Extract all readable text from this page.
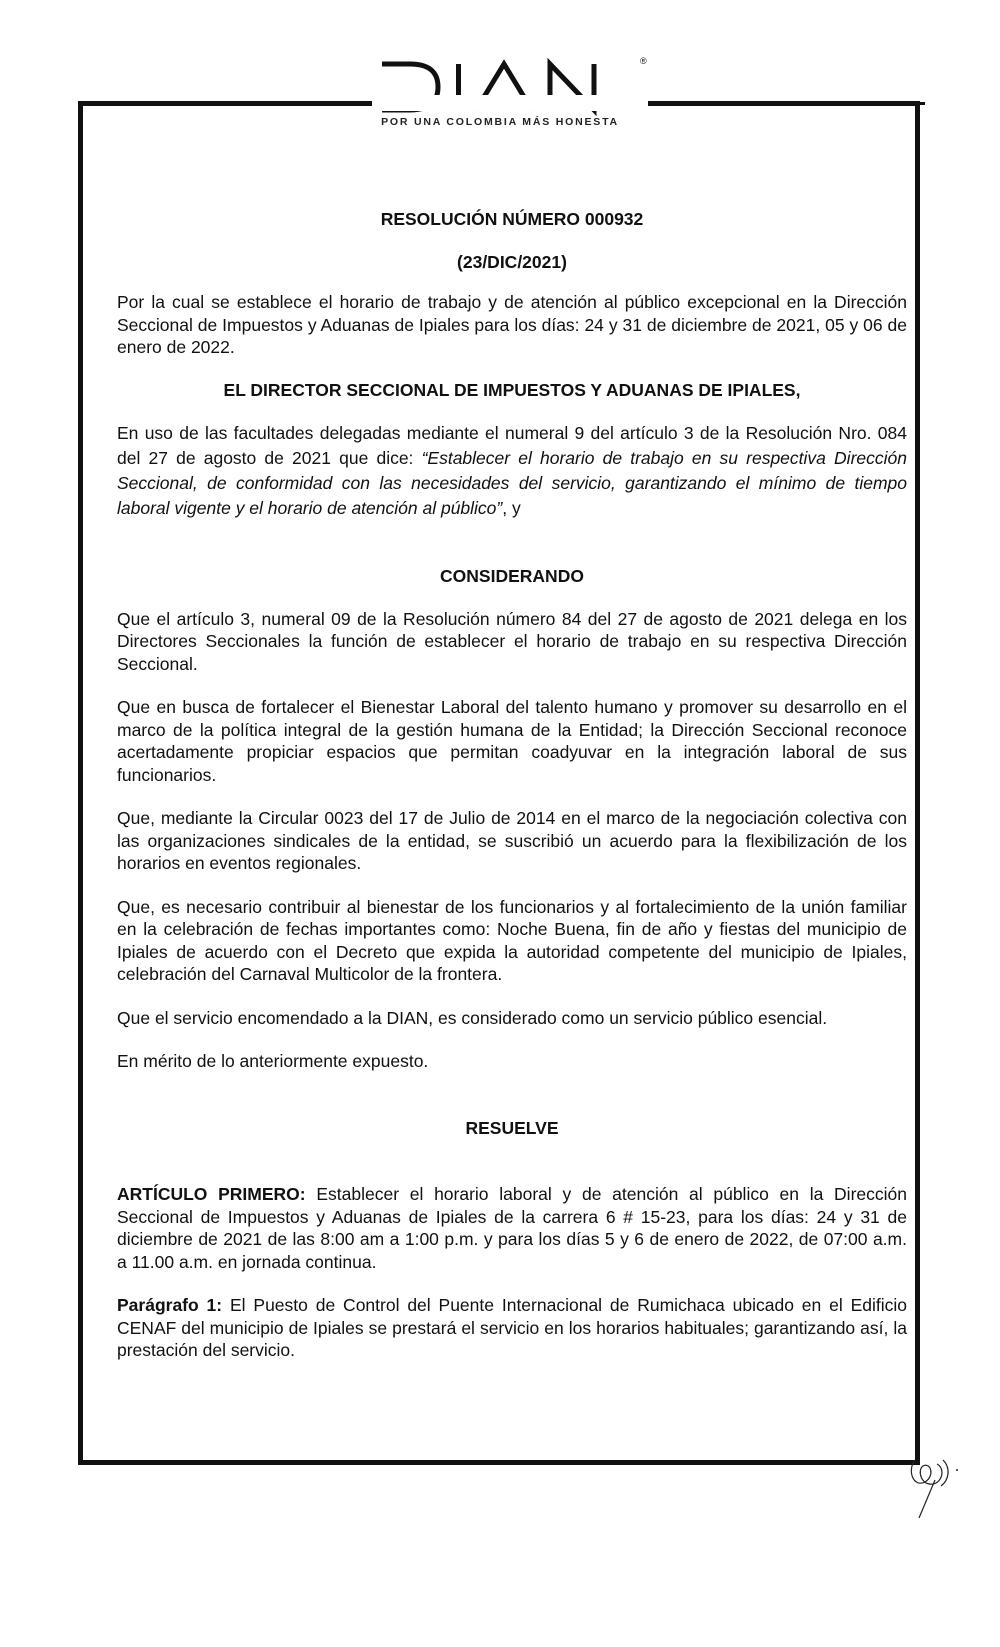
®
POR UNA COLOMBIA MÁS HONESTA

RESOLUCIÓN NÚMERO 000932

(23/DIC/2021)

Por la cual se establece el horario de trabajo y de atención al público excepcional en la Dirección Seccional de Impuestos y Aduanas de Ipiales para los días: 24 y 31 de diciembre de 2021, 05 y 06 de enero de 2022.

EL DIRECTOR SECCIONAL DE IMPUESTOS Y ADUANAS DE IPIALES,

En uso de las facultades delegadas mediante el numeral 9 del artículo 3 de la Resolución Nro. 084 del 27 de agosto de 2021 que dice: “Establecer el horario de trabajo en su respectiva Dirección Seccional, de conformidad con las necesidades del servicio, garantizando el mínimo de tiempo laboral vigente y el horario de atención al público”, y

CONSIDERANDO

Que el artículo 3, numeral 09 de la Resolución número 84 del 27 de agosto de 2021 delega en los Directores Seccionales la función de establecer el horario de trabajo en su respectiva Dirección Seccional.

Que en busca de fortalecer el Bienestar Laboral del talento humano y promover su desarrollo en el marco de la política integral de la gestión humana de la Entidad; la Dirección Seccional reconoce acertadamente propiciar espacios que permitan coadyuvar en la integración laboral de sus funcionarios.

Que, mediante la Circular 0023 del 17 de Julio de 2014 en el marco de la negociación colectiva con las organizaciones sindicales de la entidad, se suscribió un acuerdo para la flexibilización de los horarios en eventos regionales.

Que, es necesario contribuir al bienestar de los funcionarios y al fortalecimiento de la unión familiar en la celebración de fechas importantes como: Noche Buena, fin de año y fiestas del municipio de Ipiales de acuerdo con el Decreto que expida la autoridad competente del municipio de Ipiales, celebración del Carnaval Multicolor de la frontera.

Que el servicio encomendado a la DIAN, es considerado como un servicio público esencial.

En mérito de lo anteriormente expuesto.

RESUELVE

ARTÍCULO PRIMERO: Establecer el horario laboral y de atención al público en la Dirección Seccional de Impuestos y Aduanas de Ipiales de la carrera 6 # 15-23, para los días: 24 y 31 de diciembre de 2021 de las 8:00 am a 1:00 p.m. y para los días 5 y 6 de enero de 2022, de 07:00 a.m. a 11.00 a.m. en jornada continua.

Parágrafo 1: El Puesto de Control del Puente Internacional de Rumichaca ubicado en el Edificio CENAF del municipio de Ipiales se prestará el servicio en los horarios habituales; garantizando así, la prestación del servicio.
